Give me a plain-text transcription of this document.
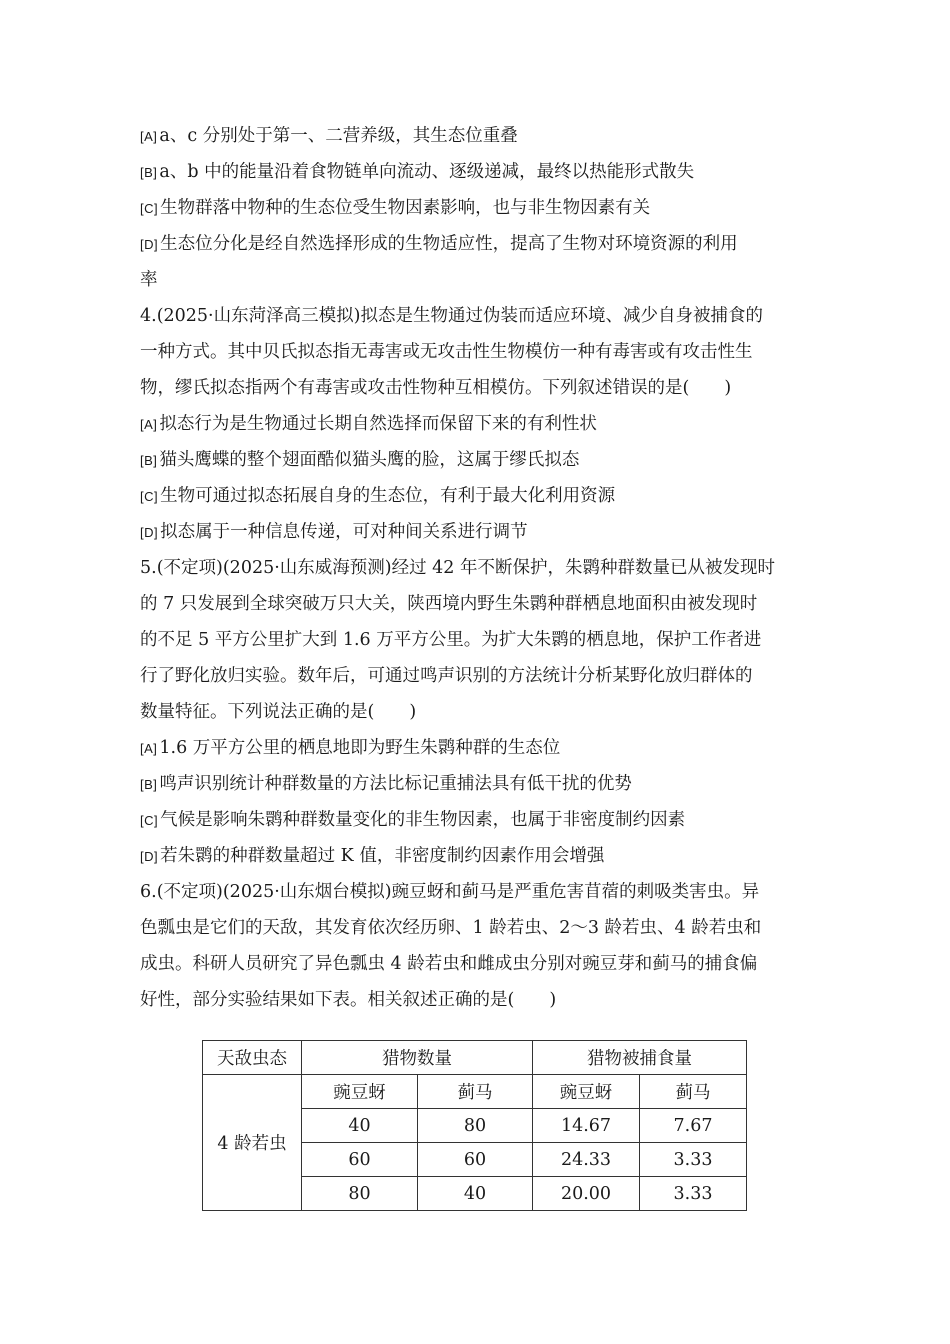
[A] a、c 分别处于第一、二营养级，其生态位重叠
[B] a、b 中的能量沿着食物链单向流动、逐级递减，最终以热能形式散失
[C] 生物群落中物种的生态位受生物因素影响，也与非生物因素有关
[D] 生态位分化是经自然选择形成的生物适应性，提高了生物对环境资源的利用
率
4.(2025·山东菏泽高三模拟)拟态是生物通过伪装而适应环境、减少自身被捕食的
一种方式。其中贝氏拟态指无毒害或无攻击性生物模仿一种有毒害或有攻击性生
物，缪氏拟态指两个有毒害或攻击性物种互相模仿。下列叙述错误的是(　　)
[A] 拟态行为是生物通过长期自然选择而保留下来的有利性状
[B] 猫头鹰蝶的整个翅面酷似猫头鹰的脸，这属于缪氏拟态
[C] 生物可通过拟态拓展自身的生态位，有利于最大化利用资源
[D] 拟态属于一种信息传递，可对种间关系进行调节
5.(不定项)(2025·山东威海预测)经过 42 年不断保护，朱鹮种群数量已从被发现时
的 7 只发展到全球突破万只大关，陕西境内野生朱鹮种群栖息地面积由被发现时
的不足 5 平方公里扩大到 1.6 万平方公里。为扩大朱鹮的栖息地，保护工作者进
行了野化放归实验。数年后，可通过鸣声识别的方法统计分析某野化放归群体的
数量特征。下列说法正确的是(　　)
[A] 1.6 万平方公里的栖息地即为野生朱鹮种群的生态位
[B] 鸣声识别统计种群数量的方法比标记重捕法具有低干扰的优势
[C] 气候是影响朱鹮种群数量变化的非生物因素，也属于非密度制约因素
[D] 若朱鹮的种群数量超过 K 值，非密度制约因素作用会增强
6.(不定项)(2025·山东烟台模拟)豌豆蚜和蓟马是严重危害苜蓿的刺吸类害虫。异
色瓢虫是它们的天敌，其发育依次经历卵、1 龄若虫、2～3 龄若虫、4 龄若虫和
成虫。科研人员研究了异色瓢虫 4 龄若虫和雌成虫分别对豌豆芽和蓟马的捕食偏
好性，部分实验结果如下表。相关叙述正确的是(　　)
天敌虫态	猎物数量		猎物被捕食量	
4 龄若虫	豌豆蚜	蓟马	豌豆蚜	蓟马
	40	80	14.67	7.67
	60	60	24.33	3.33
	80	40	20.00	3.33
